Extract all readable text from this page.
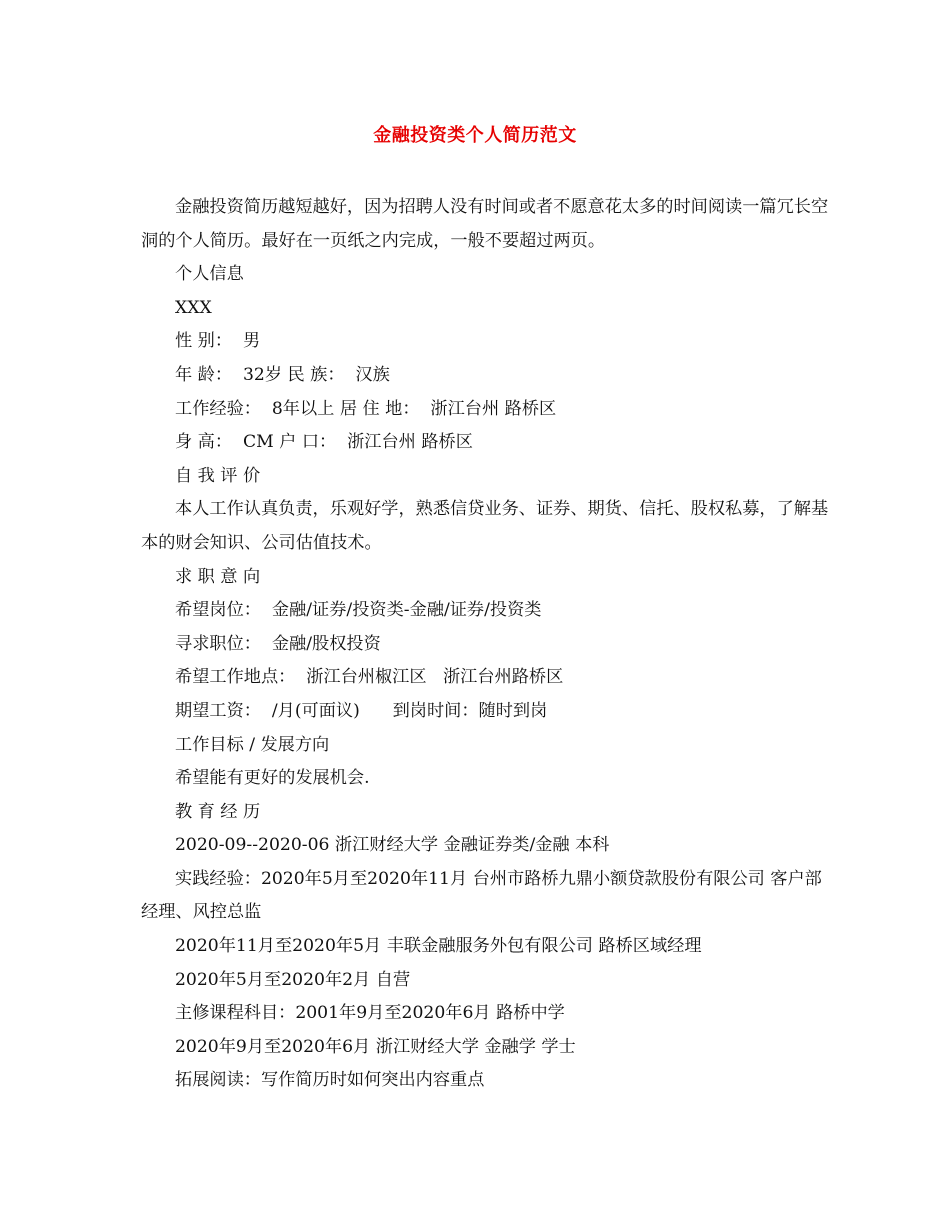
金融投资类个人简历范文

金融投资简历越短越好，因为招聘人没有时间或者不愿意花太多的时间阅读一篇冗长空洞的个人简历。最好在一页纸之内完成，一般不要超过两页。

个人信息

XXX

性 别：  男

年 龄：  32岁 民 族：  汉族

工作经验：  8年以上 居 住 地：  浙江台州 路桥区

身 高：  CM 户 口：  浙江台州 路桥区

自 我 评 价

本人工作认真负责，乐观好学，熟悉信贷业务、证券、期货、信托、股权私募，了解基本的财会知识、公司估值技术。

求 职 意 向

希望岗位：  金融/证券/投资类-金融/证券/投资类

寻求职位：  金融/股权投资

希望工作地点：  浙江台州椒江区   浙江台州路桥区

期望工资：  /月(可面议)      到岗时间：随时到岗

工作目标 / 发展方向

希望能有更好的发展机会.

教 育 经 历

2020-09--2020-06 浙江财经大学 金融证券类/金融 本科

实践经验：2020年5月至2020年11月 台州市路桥九鼎小额贷款股份有限公司 客户部经理、风控总监

2020年11月至2020年5月 丰联金融服务外包有限公司 路桥区域经理

2020年5月至2020年2月 自营

主修课程科目：2001年9月至2020年6月 路桥中学

2020年9月至2020年6月 浙江财经大学 金融学 学士

拓展阅读：写作简历时如何突出内容重点
